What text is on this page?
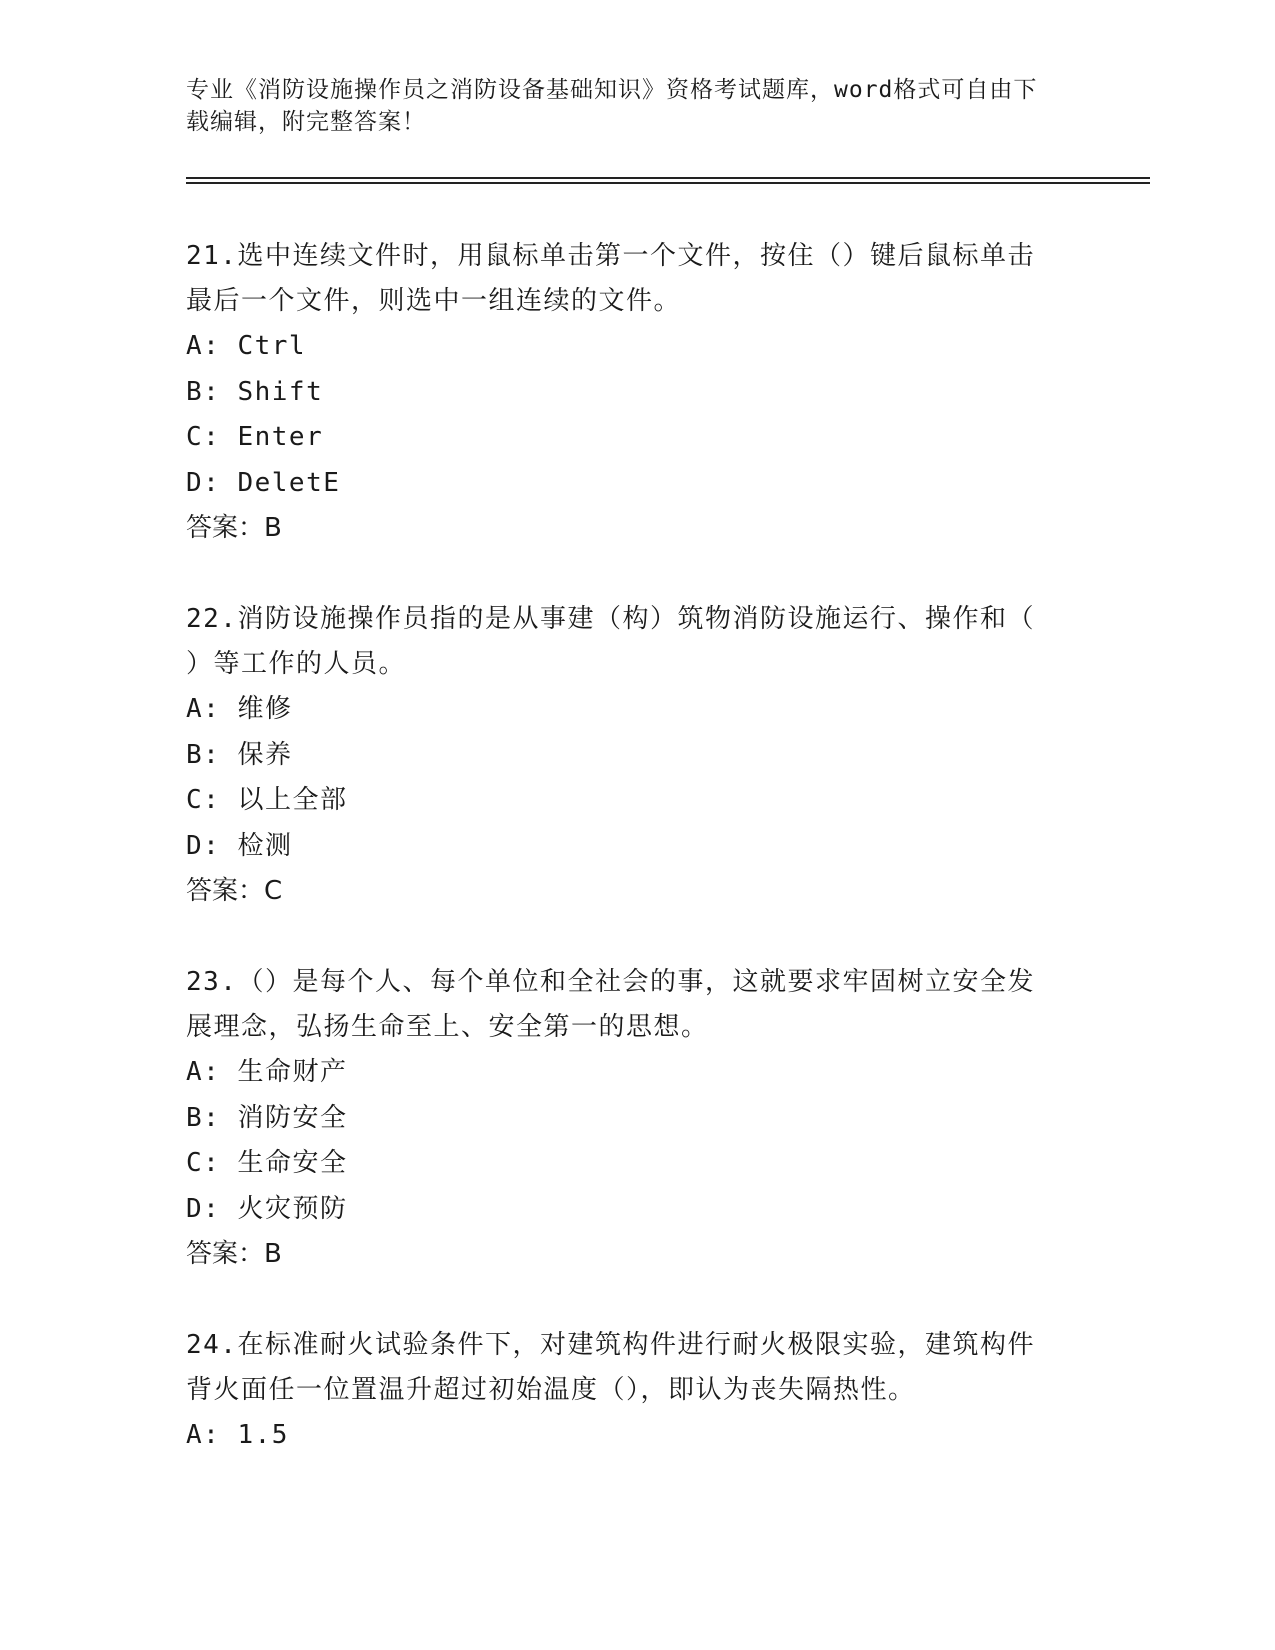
专业《消防设施操作员之消防设备基础知识》资格考试题库，word格式可自由下
载编辑，附完整答案！

21.选中连续文件时，用鼠标单击第一个文件，按住（）键后鼠标单击

最后一个文件，则选中一组连续的文件。

A: Ctrl

B: Shift

C: Enter

D: DeletE

答案：B

22.消防设施操作员指的是从事建（构）筑物消防设施运行、操作和（

）等工作的人员。

A: 维修

B: 保养

C: 以上全部

D: 检测

答案：C

23.（）是每个人、每个单位和全社会的事，这就要求牢固树立安全发

展理念，弘扬生命至上、安全第一的思想。

A: 生命财产

B: 消防安全

C: 生命安全

D: 火灾预防

答案：B

24.在标准耐火试验条件下，对建筑构件进行耐火极限实验，建筑构件

背火面任一位置温升超过初始温度（），即认为丧失隔热性。

A: 1.5
